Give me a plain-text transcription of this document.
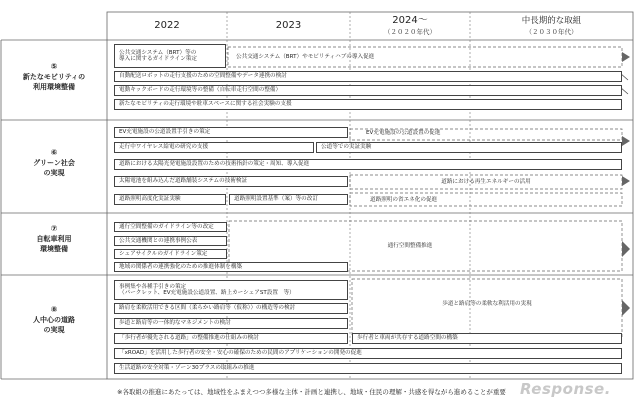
2022	2023	2024～
（２０２０年代）
中長期的な取組
（２０３０年代）
⑤
新たなモビリティの
利用環境整備
⑥
グリーン社会
の実現
⑦
自転車利用
環境整備
⑧
人中心の道路
の実現
公共交通システム（BRT）等の
導入に関するガイドライン策定	公共交通システム（BRT）やモビリティハブの導入促進
自動配送ロボットの走行支援のための空間整備やデータ連携の検討
電動キックボードの走行環境等の整備（自転車走行空間の整備）
新たなモビリティの走行環境や駐車スペースに関する社会実験の支援
EV充電施設の公道設置手引きの策定	EV充電施設の公道設置の促進
走行中ワイヤレス給電の研究の支援	公道等での実証実験
道路における太陽光発電施設設置のための技術指針の策定・周知、導入促進
太陽電池を組み込んだ道路舗装システムの技術検証	道路における再生エネルギーの活用
道路照明高度化実証実験	道路照明設置基準（案）等の改訂	道路照明の省エネ化の促進
通行空間整備のガイドライン等の改定
公共交通機関との連携事例公表
シェアサイクルのガイドライン策定
通行空間整備推進
地域の関係者の連携強化のための推進体制を構築
事例集や各種手引きの策定
（パークレット、EV充電施設公道設置、路上カーシェアST設置　等）
路肩を柔軟活用できる区間（柔らかい路肩等（仮称））の構造等の検討
歩道と路肩等の柔軟な利活用の実現
歩道と路肩等の一体的なマネジメントの検討
「歩行者が優先される道路」の整備推進の仕組みの検討	歩行者と車両が共存する道路空間の構築
「xROAD」を活用した歩行者の安全・安心の確保のための民間のアプリケーションの開発の促進
生活道路の安全対策・ゾーン30プラスの取組みの推進
※各取組の推進にあたっては、地域性をふまえつつ多様な主体・計画と連携し、地域・住民の理解・共感を得ながら進めることが重要 Response.
